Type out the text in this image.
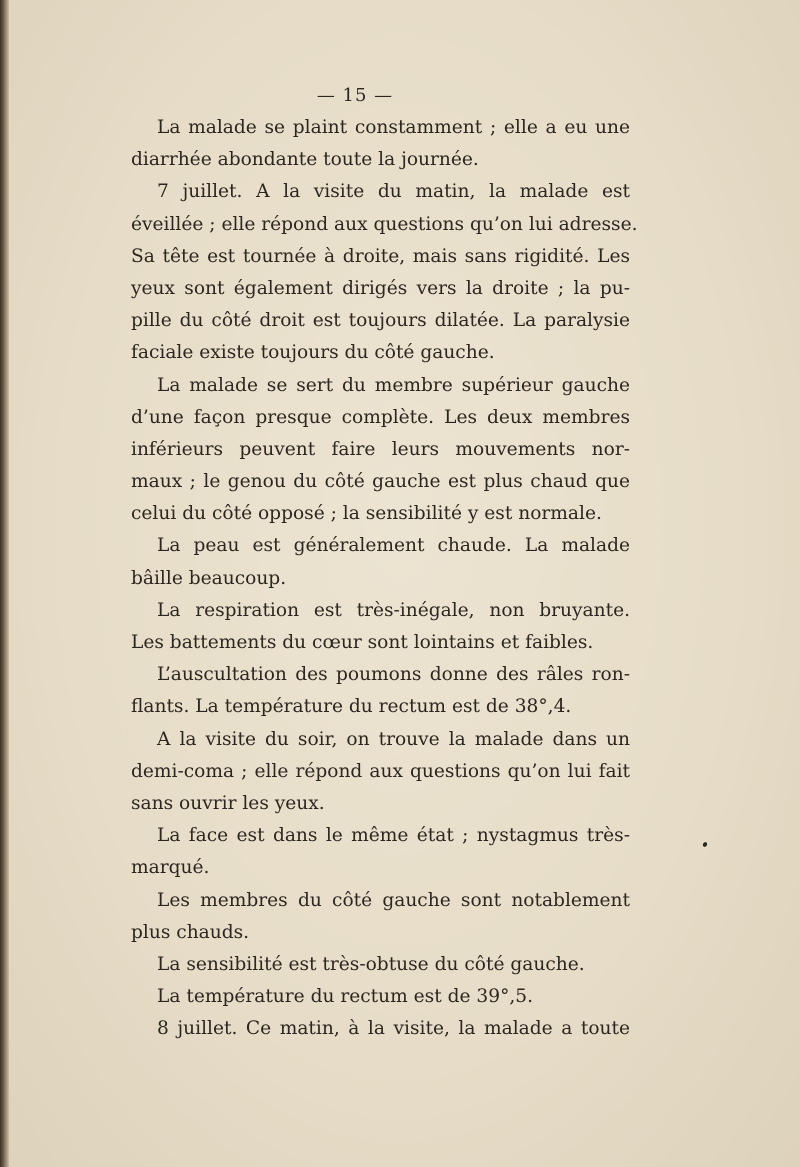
— 15 —
La malade se plaint constamment ; elle a eu une
diarrhée abondante toute la journée.
7 juillet. A la visite du matin, la malade est
éveillée ; elle répond aux questions qu’on lui adresse.
Sa tête est tournée à droite, mais sans rigidité. Les
yeux sont également dirigés vers la droite ; la pu-
pille du côté droit est toujours dilatée. La paralysie
faciale existe toujours du côté gauche.
La malade se sert du membre supérieur gauche
d’une façon presque complète. Les deux membres
inférieurs peuvent faire leurs mouvements nor-
maux ; le genou du côté gauche est plus chaud que
celui du côté opposé ; la sensibilité y est normale.
La peau est généralement chaude. La malade
bâille beaucoup.
La respiration est très-inégale, non bruyante.
Les battements du cœur sont lointains et faibles.
L’auscultation des poumons donne des râles ron-
flants. La température du rectum est de 38°,4.
A la visite du soir, on trouve la malade dans un
demi-coma ; elle répond aux questions qu’on lui fait
sans ouvrir les yeux.
La face est dans le même état ; nystagmus très-
marqué.
Les membres du côté gauche sont notablement
plus chauds.
La sensibilité est très-obtuse du côté gauche.
La température du rectum est de 39°,5.
8 juillet. Ce matin, à la visite, la malade a toute
